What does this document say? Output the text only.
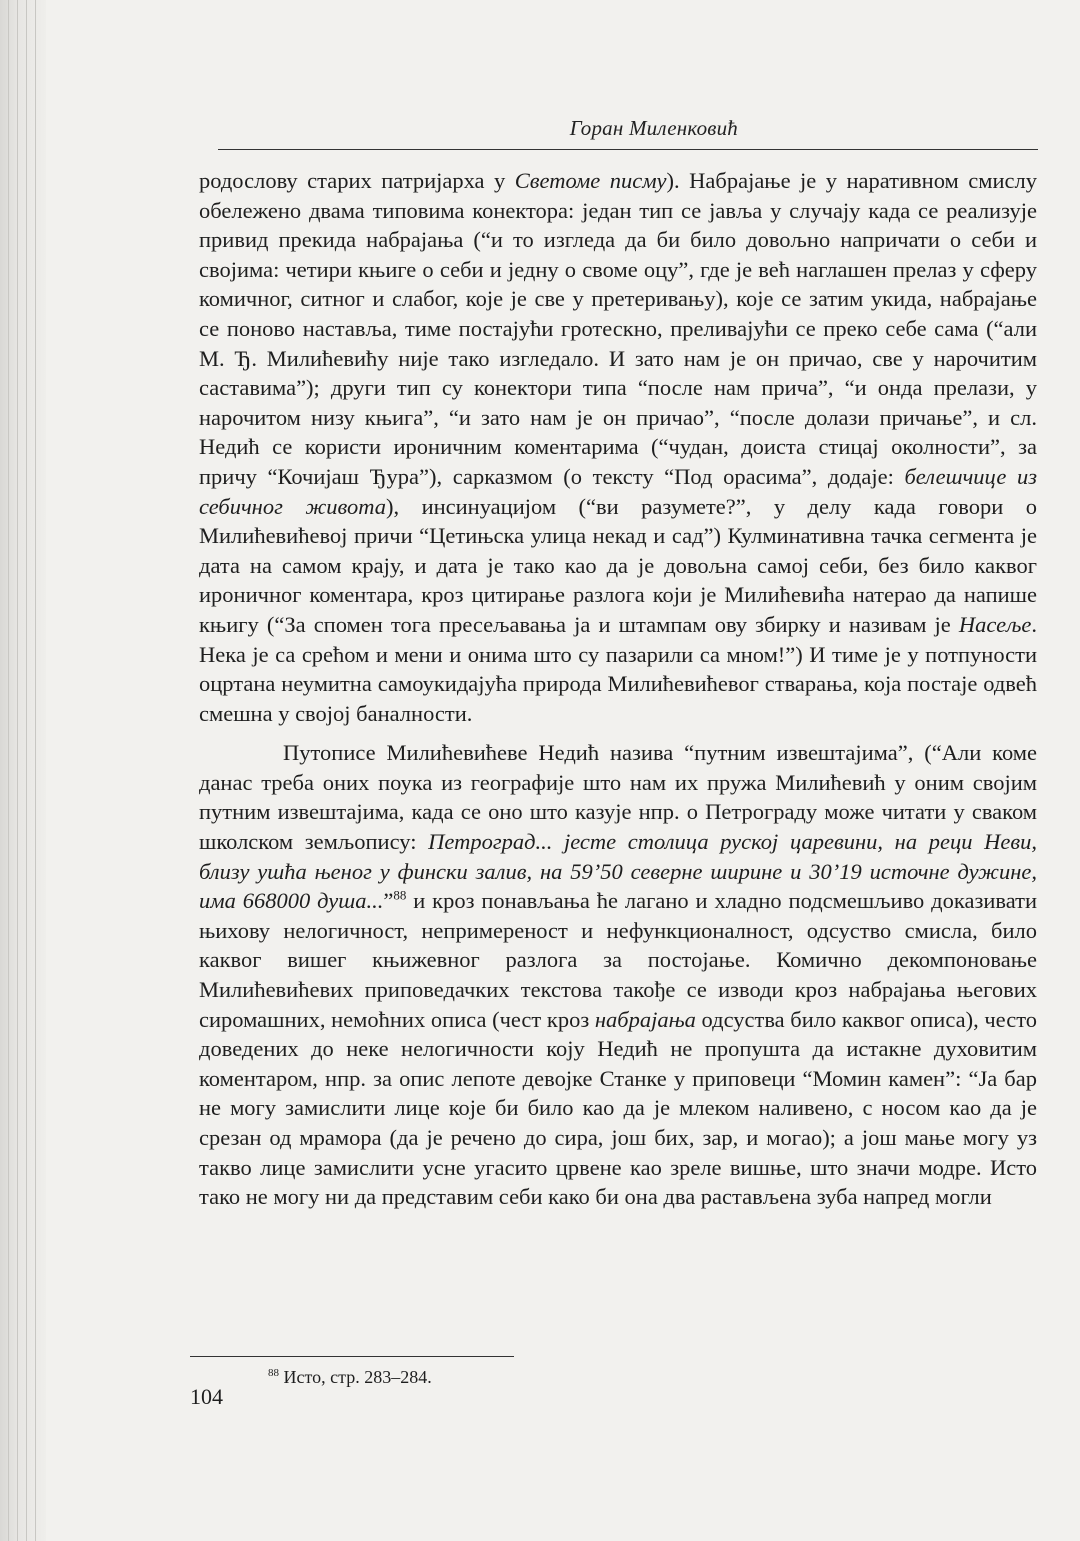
Горан Миленковић

родослову старих патријарха у Светоме писму). Набрајање је у наративном смислу обележено двама типовима конектора: један тип се јавља у случају када се реализује привид прекида набрајања (“и то изгледа да би било довољно напричати о себи и својима: четири књиге о себи и једну о своме оцу”, где је већ наглашен прелаз у сферу комичног, ситног и слабог, које је све у претеривању), које се затим укида, набрајање се поново наставља, тиме постајући гротескно, преливајући се преко себе сама (“али М. Ђ. Милићевићу није тако изгледало. И зато нам је он причао, све у нарочитим саставима”); други тип су конектори типа “после нам прича”, “и онда прелази, у нарочитом низу књига”, “и зато нам је он причао”, “после долази причање”, и сл. Недић се користи ироничним коментарима (“чудан, доиста стицај околности”, за причу “Кочијаш Ђура”), сарказмом (о тексту “Под орасима”, додаје: белешчице из себичног живота), инсинуацијом (“ви разумете?”, у делу када говори о Милићевићевој причи “Цетињска улица некад и сад”) Кулминативна тачка сегмента је дата на самом крају, и дата је тако као да је довољна самој себи, без било каквог ироничног коментара, кроз цитирање разлога који је Милићевића натерао да напише књигу (“За спомен тога пресељавања ја и штампам ову збирку и називам је Насеље. Нека је са срећом и мени и онима што су пазарили са мном!”) И тиме је у потпуности оцртана неумитна самоукидајућа природа Милићевићевог стварања, која постаје одвећ смешна у својој баналности.

Путописе Милићевићеве Недић назива “путним извештајима”, (“Али коме данас треба оних поука из географије што нам их пружа Милићевић у оним својим путним извештајима, када се оно што казује нпр. о Петрограду може читати у сваком школском земљопису: Петроград... јесте столица руској царевини, на реци Неви, близу ушћа њеног у фински залив, на 59’50 северне ширине и 30’19 источне дужине, има 668000 душа...”$^{88}$ и кроз понављања ће лагано и хладно подсмешљиво доказивати њихову нелогичност, непримереност и нефункционалност, одсуство смисла, било каквог вишег књижевног разлога за постојање. Комично декомпоновање Милићевићевих приповедачких текстова такође се изводи кроз набрајања његових сиромашних, немоћних описа (чест кроз набрајања одсуства било каквог описа), често доведених до неке нелогичности коју Недић не пропушта да истакне духовитим коментаром, нпр. за опис лепоте девојке Станке у приповеци “Момин камен”: “Ја бар не могу замислити лице које би било као да је млеком наливено, с носом као да је срезан од мрамора (да је речено до сира, још бих, зар, и могао); а још мање могу уз такво лице замислити усне угасито црвене као зреле вишње, што значи модре. Исто тако не могу ни да представим себи како би она два растављена зуба напред могли

$^{88}$ Исто, стр. 283–284.
104
